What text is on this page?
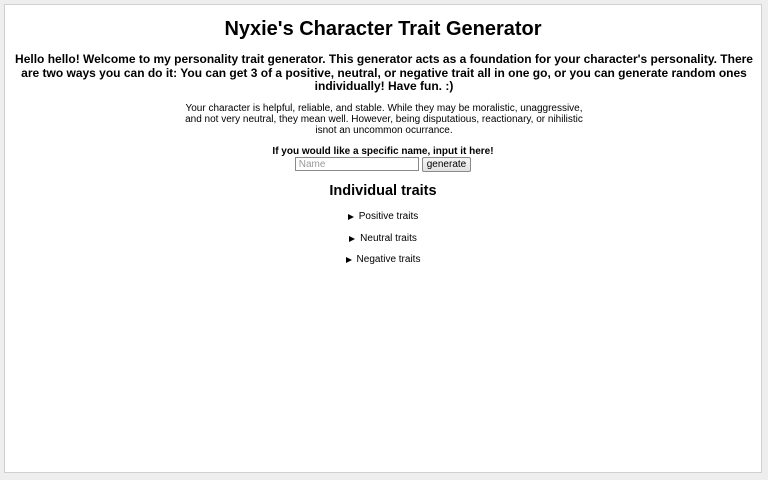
Nyxie's Character Trait Generator

Hello hello! Welcome to my personality trait generator. This generator acts as a foundation for your character's personality. There are two ways you can do it: You can get 3 of a positive, neutral, or negative trait all in one go, or you can generate random ones individually! Have fun. :)

Your character is helpful, reliable, and stable. While they may be moralistic, unaggressive, and not very neutral, they mean well. However, being disputatious, reactionary, or nihilistic isnot an uncommon ocurrance.

If you would like a specific name, input it here!

Name
generate
Individual traits
Positive traits
Neutral traits
Negative traits
